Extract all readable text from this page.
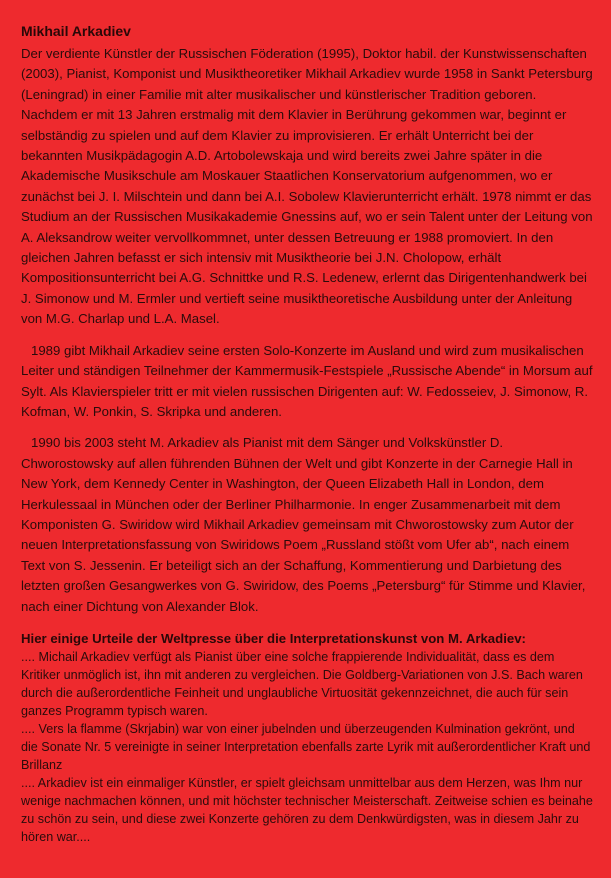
Mikhail Arkadiev

Der verdiente Künstler der Russischen Föderation (1995), Doktor habil. der Kunstwissenschaften (2003), Pianist, Komponist und Musiktheoretiker Mikhail Arkadiev wurde 1958 in Sankt Petersburg (Leningrad) in einer Familie mit alter musikalischer und künstlerischer Tradition geboren. Nachdem er mit 13 Jahren erstmalig mit dem Klavier in Berührung gekommen war, beginnt er selbständig zu spielen und auf dem Klavier zu improvisieren. Er erhält Unterricht bei der bekannten Musikpädagogin A.D. Artobolewskaja und wird bereits zwei Jahre später in die Akademische Musikschule am Moskauer Staatlichen Konservatorium aufgenommen, wo er zunächst bei J. I. Milschtein und dann bei A.I. Sobolew Klavierunterricht erhält. 1978 nimmt er das Studium an der Russischen Musikakademie Gnessins auf, wo er sein Talent unter der Leitung von A. Aleksandrow weiter vervollkommnet, unter dessen Betreuung er 1988 promoviert. In den gleichen Jahren befasst er sich intensiv mit Musiktheorie bei J.N. Cholopow, erhält Kompositionsunterricht bei A.G. Schnittke und R.S. Ledenew, erlernt das Dirigentenhandwerk bei J. Simonow und M. Ermler und vertieft seine musiktheoretische Ausbildung unter der Anleitung von M.G. Charlap und L.A. Masel.

1989 gibt Mikhail Arkadiev seine ersten Solo-Konzerte im Ausland und wird zum musikalischen Leiter und ständigen Teilnehmer der Kammermusik-Festspiele „Russische Abende“ in Morsum auf Sylt. Als Klavierspieler tritt er mit vielen russischen Dirigenten auf: W. Fedosseiev, J. Simonow, R. Kofman, W. Ponkin, S. Skripka und anderen.

1990 bis 2003 steht M. Arkadiev als Pianist mit dem Sänger und Volkskünstler D. Chworostowsky auf allen führenden Bühnen der Welt und gibt Konzerte in der Carnegie Hall in New York, dem Kennedy Center in Washington, der Queen Elizabeth Hall in London, dem Herkulessaal in München oder der Berliner Philharmonie. In enger Zusammenarbeit mit dem Komponisten G. Swiridow wird Mikhail Arkadiev gemeinsam mit Chworostowsky zum Autor der neuen Interpretationsfassung von Swiridows Poem „Russland stößt vom Ufer ab“, nach einem Text von S. Jessenin. Er beteiligt sich an der Schaffung, Kommentierung und Darbietung des letzten großen Gesangwerkes von G. Swiridow, des Poems „Petersburg“ für Stimme und Klavier, nach einer Dichtung von Alexander Blok.

Hier einige Urteile der Weltpresse über die Interpretationskunst von M. Arkadiev:

.... Michail Arkadiev verfügt als Pianist über eine solche frappierende Individualität, dass es dem Kritiker unmöglich ist, ihn mit anderen zu vergleichen. Die Goldberg-Variationen von J.S. Bach waren durch die außerordentliche Feinheit und unglaubliche Virtuosität gekennzeichnet, die auch für sein ganzes Programm typisch waren.

.... Vers la flamme (Skrjabin) war von einer jubelnden und überzeugenden Kulmination gekrönt, und die Sonate Nr. 5 vereinigte in seiner Interpretation ebenfalls zarte Lyrik mit außerordentlicher Kraft und Brillanz

.... Arkadiev ist ein einmaliger Künstler, er spielt gleichsam unmittelbar aus dem Herzen, was Ihm nur wenige nachmachen können, und mit höchster technischer Meisterschaft. Zeitweise schien es beinahe zu schön zu sein, und diese zwei Konzerte gehören zu dem Denkwürdigsten, was in diesem Jahr zu hören war....
